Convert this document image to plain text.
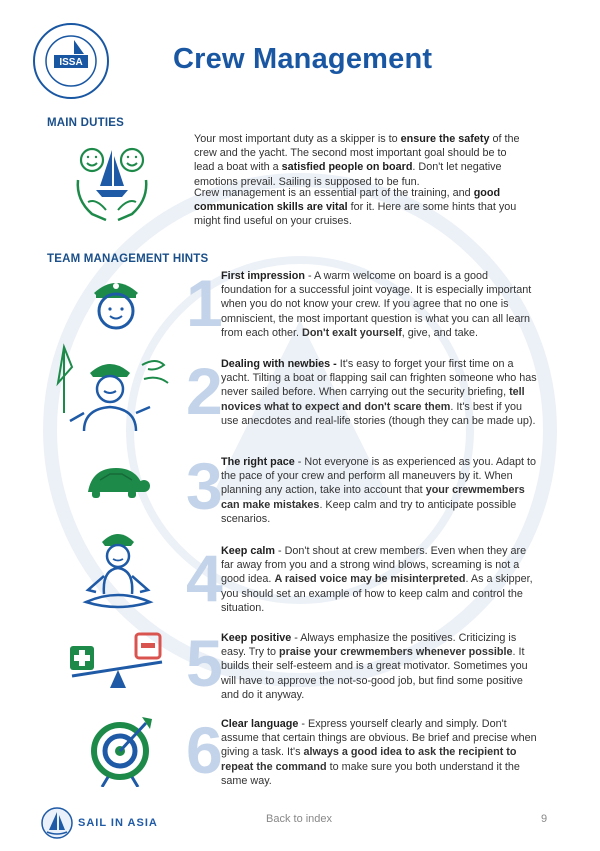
ISSA	Crew Management
MAIN DUTIES

Your most important duty as a skipper is to ensure the safety of the crew and the yacht. The second most important goal should be to lead a boat with a satisfied people on board. Don't let negative emotions prevail. Sailing is supposed to be fun.

Crew management is an essential part of the training, and good communication skills are vital for it. Here are some hints that you might find useful on your cruises.

TEAM MANAGEMENT HINTS
1

First impression - A warm welcome on board is a good foundation for a successful joint voyage. It is especially important when you do not know your crew. If you agree that no one is omniscient, the most important question is what you can all learn from each other. Don't exalt yourself, give, and take.

2

Dealing with newbies - It's easy to forget your first time on a yacht. Tilting a boat or flapping sail can frighten someone who has never sailed before. When carrying out the security briefing, tell novices what to expect and don't scare them. It's best if you use anecdotes and real-life stories (though they can be made up).

3

The right pace - Not everyone is as experienced as you. Adapt to the pace of your crew and perform all maneuvers by it. When planning any action, take into account that your crewmembers can make mistakes. Keep calm and try to anticipate possible scenarios.

4

Keep calm - Don't shout at crew members. Even when they are far away from you and a strong wind blows, screaming is not a good idea. A raised voice may be misinterpreted. As a skipper, you should set an example of how to keep calm and control the situation.

5

Keep positive - Always emphasize the positives. Criticizing is easy. Try to praise your crewmembers whenever possible. It builds their self-esteem and is a great motivator. Sometimes you will have to approve the not-so-good job, but find some positive and do it anyway.

6

Clear language - Express yourself clearly and simply. Don't assume that certain things are obvious. Be brief and precise when giving a task. It's always a good idea to ask the recipient to repeat the command to make sure you both understand it the same way.

SAIL IN ASIA	Back to index	9
